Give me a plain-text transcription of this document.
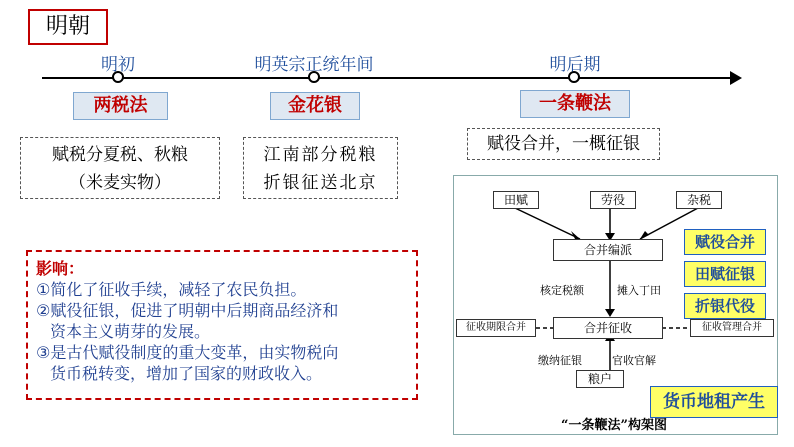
明朝
明初	明英宗正统年间	明后期
两税法	金花银	一条鞭法
赋税分夏税、秋粮
（米麦实物）
江南部分税粮
折银征送北京
赋役合并，一概征银
影响：
①简化了征收手续，减轻了农民负担。
②赋役征银，促进了明朝中后期商品经济和
资本主义萌芽的发展。
③是古代赋役制度的重大变革，由实物税向
货币税转变，增加了国家的财政收入。
田赋	劳役	杂税
合并编派
核定税额	摊入丁田
合并征收
征收期限合并	征收管理合并
缴纳征银	官收官解
粮户
“一条鞭法”构架图
赋役合并
田赋征银
折银代役
货币地租产生
